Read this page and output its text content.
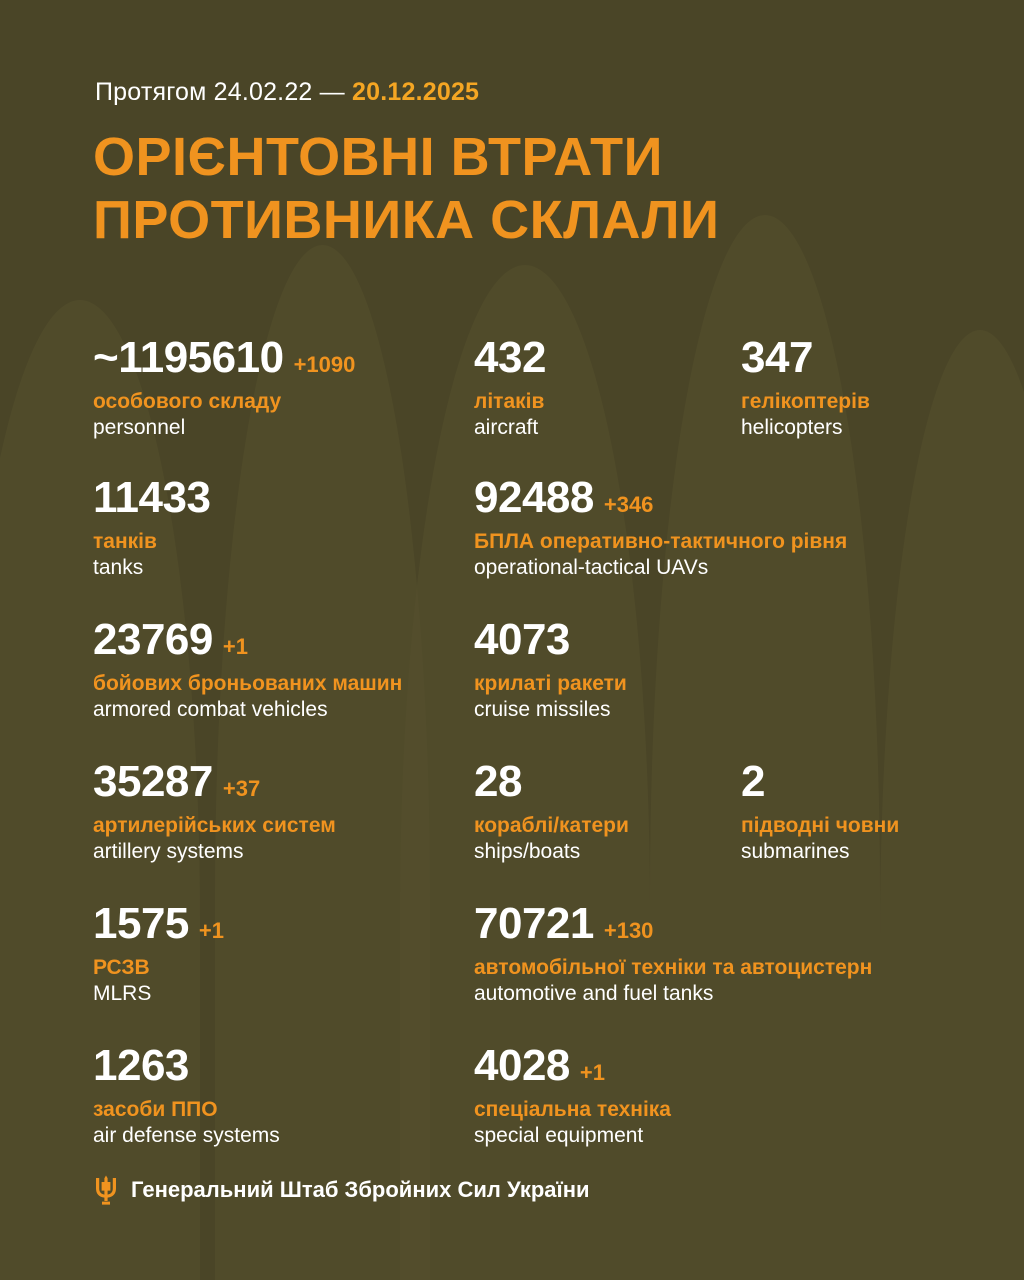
Протягом 24.02.22 — 20.12.2025
ОРІЄНТОВНІ ВТРАТИ
ПРОТИВНИКА СКЛАЛИ
~1195610 +1090
особового складу
personnel
432
літаків
aircraft
347
гелікоптерів
helicopters
11433
танків
tanks
92488 +346
БПЛА оперативно-тактичного рівня
operational-tactical UAVs
23769 +1
бойових броньованих машин
armored combat vehicles
4073
крилаті ракети
cruise missiles
35287 +37
артилерійських систем
artillery systems
28
кораблі/катери
ships/boats
2
підводні човни
submarines
1575 +1
РСЗВ
MLRS
70721 +130
автомобільної техніки та автоцистерн
automotive and fuel tanks
1263
засоби ППО
air defense systems
4028 +1
спеціальна техніка
special equipment
Генеральний Штаб Збройних Сил України
